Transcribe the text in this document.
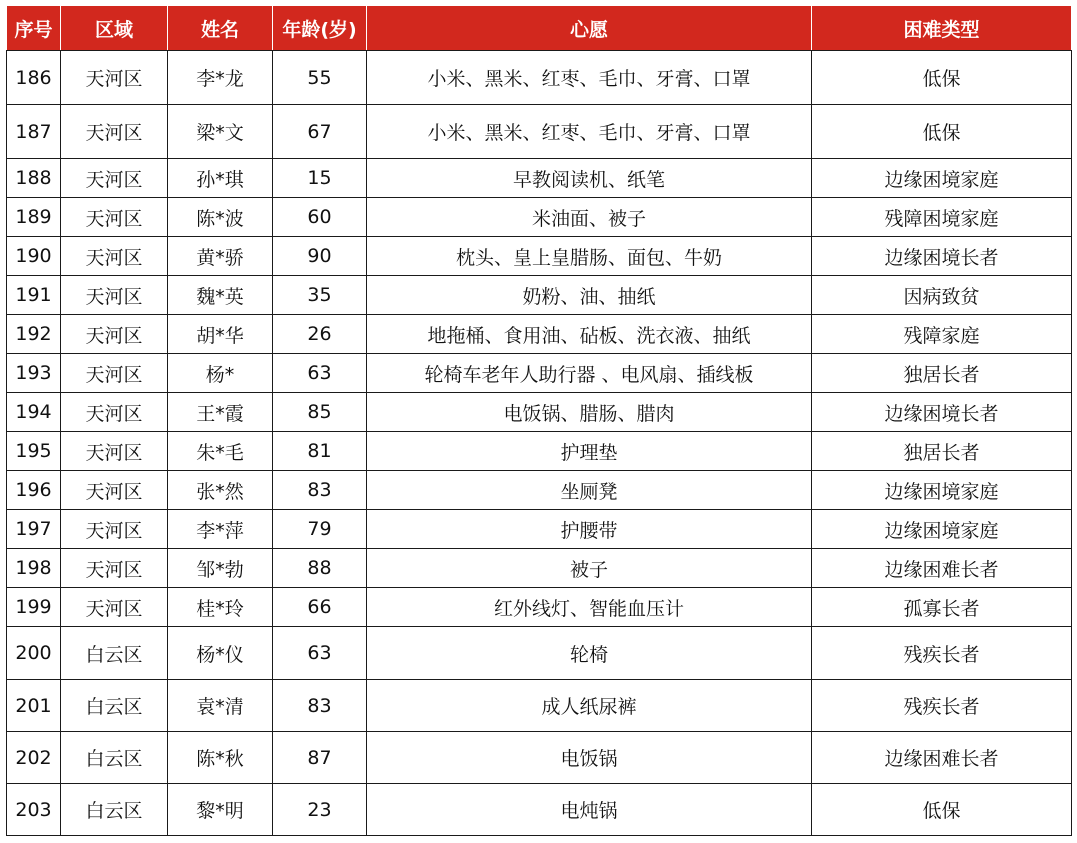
序号	区域	姓名	年龄(岁)	心愿	困难类型
186	天河区	李*龙	55	小米、黑米、红枣、毛巾、牙膏、口罩	低保
187	天河区	梁*文	67	小米、黑米、红枣、毛巾、牙膏、口罩	低保
188	天河区	孙*琪	15	早教阅读机、纸笔	边缘困境家庭
189	天河区	陈*波	60	米油面、被子	残障困境家庭
190	天河区	黄*骄	90	枕头、皇上皇腊肠、面包、牛奶	边缘困境长者
191	天河区	魏*英	35	奶粉、油、抽纸	因病致贫
192	天河区	胡*华	26	地拖桶、食用油、砧板、洗衣液、抽纸	残障家庭
193	天河区	杨*	63	轮椅车老年人助行器 、电风扇、插线板	独居长者
194	天河区	王*霞	85	电饭锅、腊肠、腊肉	边缘困境长者
195	天河区	朱*毛	81	护理垫	独居长者
196	天河区	张*然	83	坐厕凳	边缘困境家庭
197	天河区	李*萍	79	护腰带	边缘困境家庭
198	天河区	邹*勃	88	被子	边缘困难长者
199	天河区	桂*玲	66	红外线灯、智能血压计	孤寡长者
200	白云区	杨*仪	63	轮椅	残疾长者
201	白云区	袁*清	83	成人纸尿裤	残疾长者
202	白云区	陈*秋	87	电饭锅	边缘困难长者
203	白云区	黎*明	23	电炖锅	低保
